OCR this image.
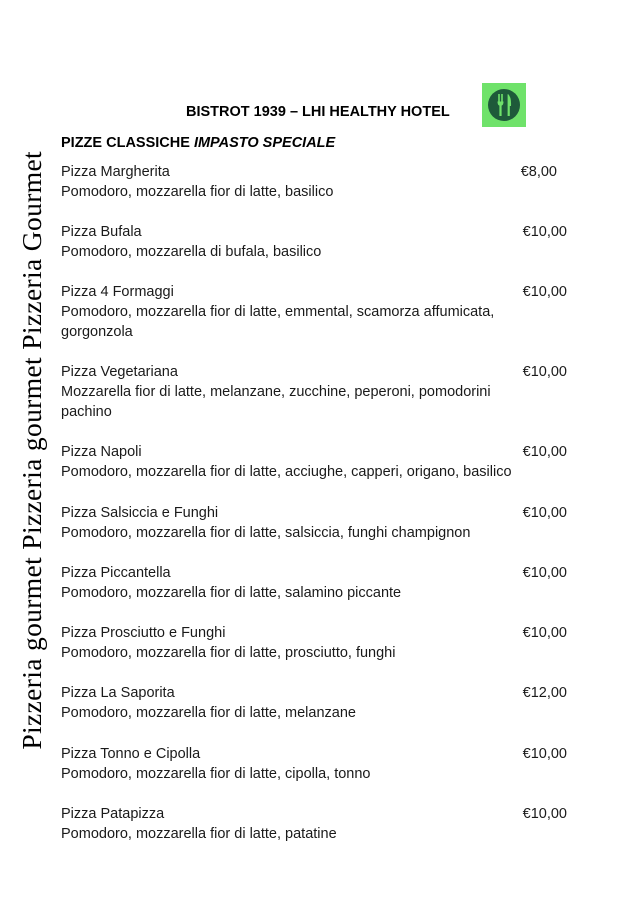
Pizzeria gourmet Pizzeria gourmet Pizzeria Gourmet
BISTROT 1939 – LHI HEALTHY HOTEL
PIZZE CLASSICHE IMPASTO SPECIALE
Pizza Margherita	€8,00
Pomodoro, mozzarella fior di latte, basilico
Pizza Bufala	€10,00
Pomodoro, mozzarella di bufala, basilico
Pizza 4 Formaggi	€10,00
Pomodoro, mozzarella fior di latte, emmental, scamorza affumicata, gorgonzola
Pizza Vegetariana	€10,00
Mozzarella fior di latte, melanzane, zucchine, peperoni, pomodorini pachino
Pizza Napoli	€10,00
Pomodoro, mozzarella fior di latte, acciughe, capperi, origano, basilico
Pizza Salsiccia e Funghi	€10,00
Pomodoro, mozzarella fior di latte, salsiccia, funghi champignon
Pizza Piccantella	€10,00
Pomodoro, mozzarella fior di latte, salamino piccante
Pizza Prosciutto e Funghi	€10,00
Pomodoro, mozzarella fior di latte, prosciutto, funghi
Pizza La Saporita	€12,00
Pomodoro, mozzarella fior di latte, melanzane
Pizza Tonno e Cipolla	€10,00
Pomodoro, mozzarella fior di latte, cipolla, tonno
Pizza Patapizza	€10,00
Pomodoro, mozzarella fior di latte, patatine
